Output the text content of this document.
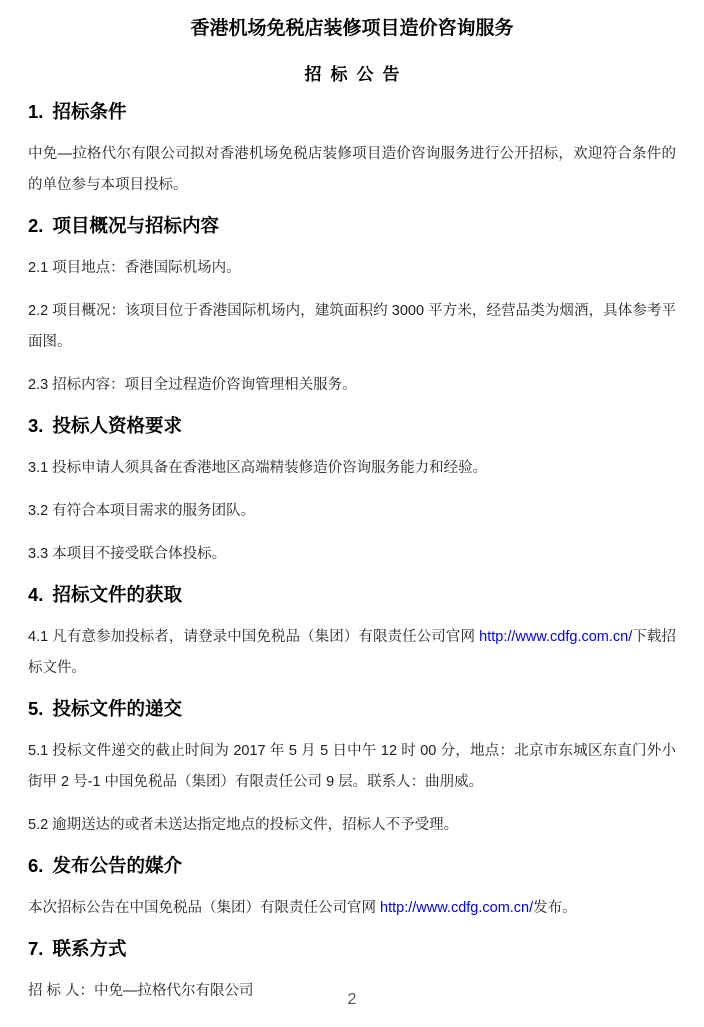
香港机场免税店装修项目造价咨询服务
招标公告
1. 招标条件

中免—拉格代尔有限公司拟对香港机场免税店装修项目造价咨询服务进行公开招标，欢迎符合条件的的单位参与本项目投标。

2. 项目概况与招标内容

2.1 项目地点：香港国际机场内。

2.2 项目概况：该项目位于香港国际机场内，建筑面积约 3000 平方米，经营品类为烟酒，具体参考平面图。

2.3 招标内容：项目全过程造价咨询管理相关服务。

3. 投标人资格要求

3.1 投标申请人须具备在香港地区高端精装修造价咨询服务能力和经验。

3.2 有符合本项目需求的服务团队。

3.3 本项目不接受联合体投标。

4. 招标文件的获取

4.1 凡有意参加投标者，请登录中国免税品（集团）有限责任公司官网 http://www.cdfg.com.cn/下载招标文件。

5. 投标文件的递交

5.1 投标文件递交的截止时间为 2017 年 5 月 5 日中午 12 时 00 分，地点：北京市东城区东直门外小街甲 2 号-1 中国免税品（集团）有限责任公司 9 层。联系人：曲朋威。

5.2 逾期送达的或者未送达指定地点的投标文件，招标人不予受理。

6. 发布公告的媒介

本次招标公告在中国免税品（集团）有限责任公司官网 http://www.cdfg.com.cn/发布。

7. 联系方式

招 标 人：中免—拉格代尔有限公司	2
